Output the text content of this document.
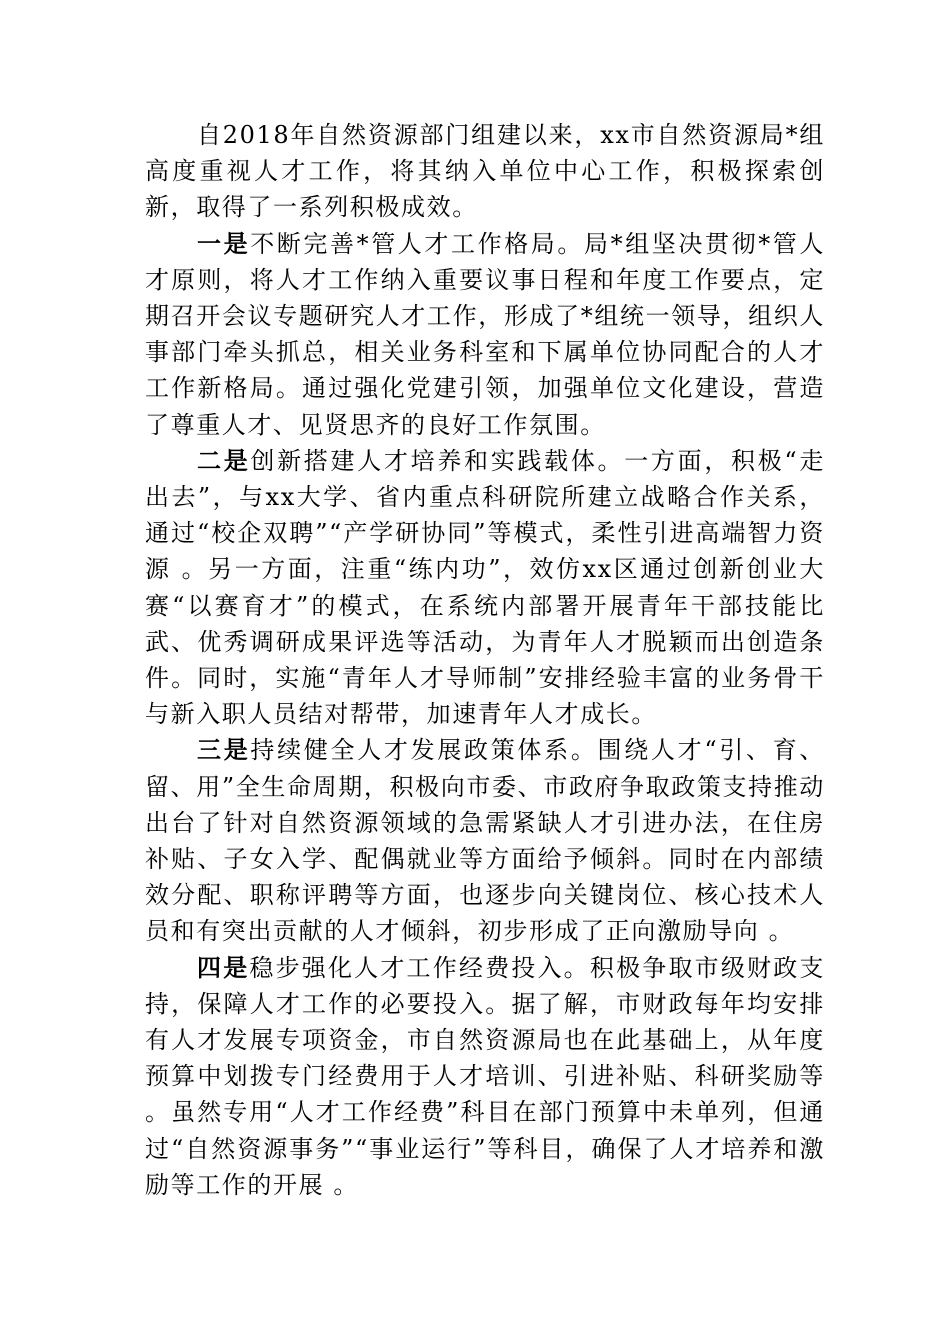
自2018年自然资源部门组建以来，xx市自然资源局*组高度重视人才工作，将其纳入单位中心工作，积极探索创新，取得了一系列积极成效。

一是不断完善*管人才工作格局。局*组坚决贯彻*管人才原则，将人才工作纳入重要议事日程和年度工作要点，定期召开会议专题研究人才工作，形成了*组统一领导，组织人事部门牵头抓总，相关业务科室和下属单位协同配合的人才工作新格局。通过强化党建引领，加强单位文化建设，营造了尊重人才、见贤思齐的良好工作氛围。

二是创新搭建人才培养和实践载体。一方面，积极“走出去”，与xx大学、省内重点科研院所建立战略合作关系，通过“校企双聘”“产学研协同”等模式，柔性引进高端智力资源 。另一方面，注重“练内功”，效仿xx区通过创新创业大赛“以赛育才”的模式，在系统内部署开展青年干部技能比武、优秀调研成果评选等活动，为青年人才脱颖而出创造条件。同时，实施“青年人才导师制”安排经验丰富的业务骨干与新入职人员结对帮带，加速青年人才成长。

三是持续健全人才发展政策体系。围绕人才“引、育、留、用”全生命周期，积极向市委、市政府争取政策支持推动出台了针对自然资源领域的急需紧缺人才引进办法，在住房补贴、子女入学、配偶就业等方面给予倾斜。同时在内部绩效分配、职称评聘等方面，也逐步向关键岗位、核心技术人员和有突出贡献的人才倾斜，初步形成了正向激励导向 。

四是稳步强化人才工作经费投入。积极争取市级财政支持，保障人才工作的必要投入。据了解，市财政每年均安排有人才发展专项资金，市自然资源局也在此基础上，从年度预算中划拨专门经费用于人才培训、引进补贴、科研奖励等 。虽然专用“人才工作经费”科目在部门预算中未单列，但通过“自然资源事务”“事业运行”等科目，确保了人才培养和激励等工作的开展 。
